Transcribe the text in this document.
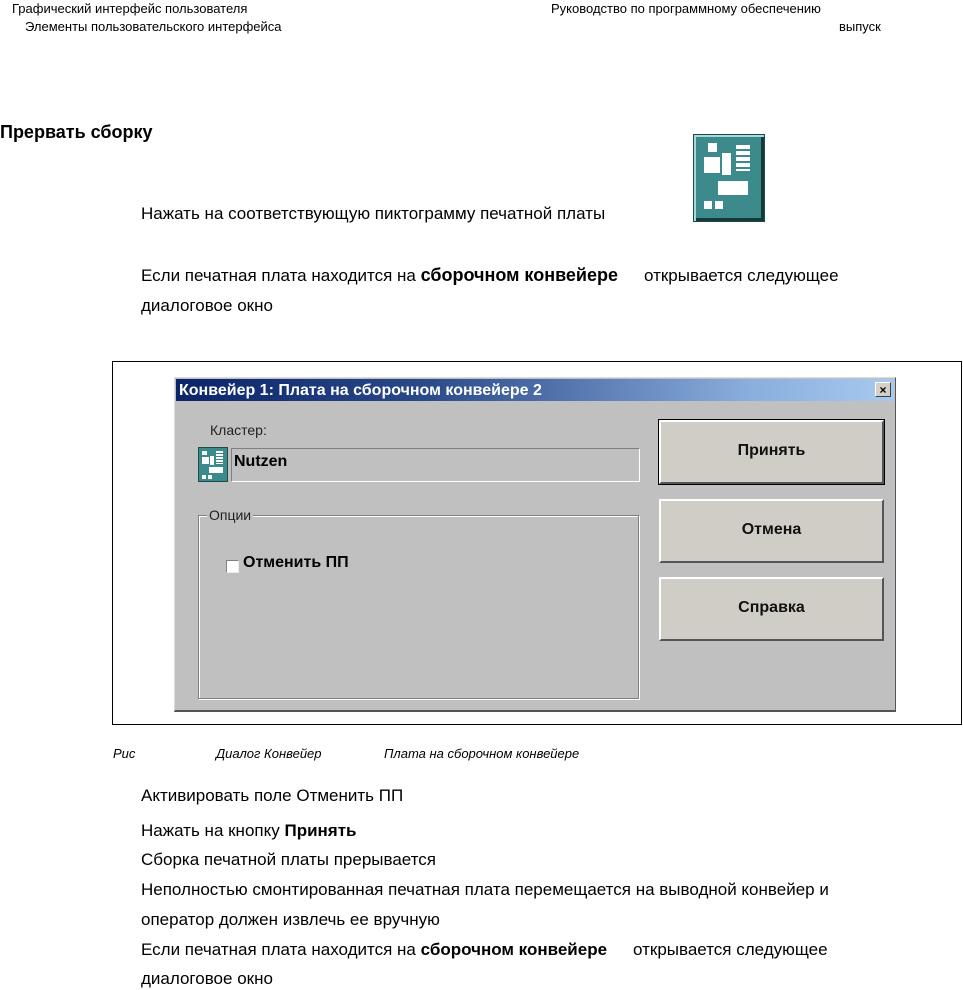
Графический интерфейс пользователя
Элементы пользовательского интерфейса
Руководство по программному обеспечению
выпуск
Прервать сборку
Нажать на соответствующую пиктограмму печатной платы
Если печатная плата находится на сборочном конвейере открывается следующее
диалоговое окно
Конвейер 1: Плата на сборочном конвейере 2	×
Кластер:
Nutzen
Опции
Отменить ПП
Принять
Отмена
Справка
Рис	Диалог Конвейер	Плата на сборочном конвейере
Активировать поле Отменить ПП
Нажать на кнопку Принять
Сборка печатной платы прерывается
Неполностью смонтированная печатная плата перемещается на выводной конвейер и
оператор должен извлечь ее вручную
Если печатная плата находится на сборочном конвейере открывается следующее
диалоговое окно
